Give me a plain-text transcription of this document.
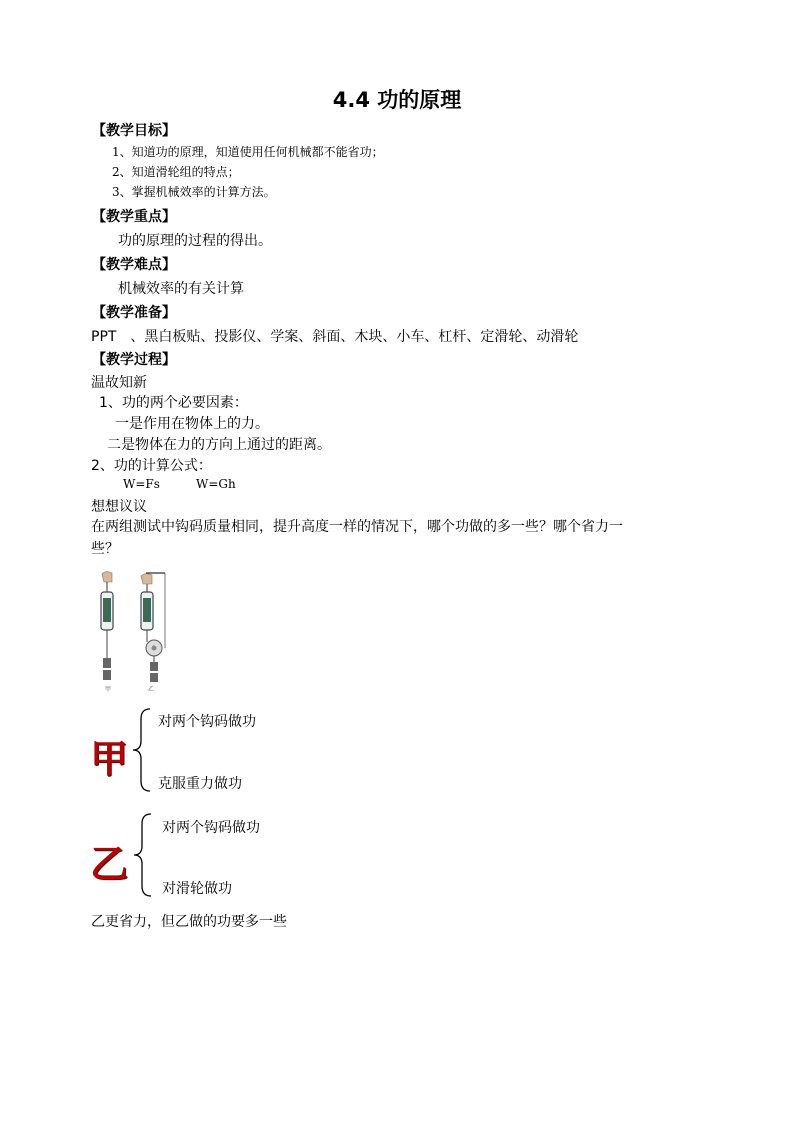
4.4 功的原理
【教学目标】
1、知道功的原理，知道使用任何机械都不能省功；
2、知道滑轮组的特点；
3、掌握机械效率的计算方法。
【教学重点】
功的原理的过程的得出。
【教学难点】
机械效率的有关计算
【教学准备】
PPT　、黑白板贴、投影仪、学案、斜面、木块、小车、杠杆、定滑轮、动滑轮
【教学过程】
温故知新
1、功的两个必要因素：
一是作用在物体上的力。
二是物体在力的方向上通过的距离。
2、功的计算公式：
W=Fs	W=Gh
想想议议
在两组测试中钩码质量相同，提升高度一样的情况下，哪个功做的多一些？哪个省力一
些？
甲	乙
甲
对两个钩码做功
克服重力做功
乙
对两个钩码做功
对滑轮做功
乙更省力，但乙做的功要多一些
